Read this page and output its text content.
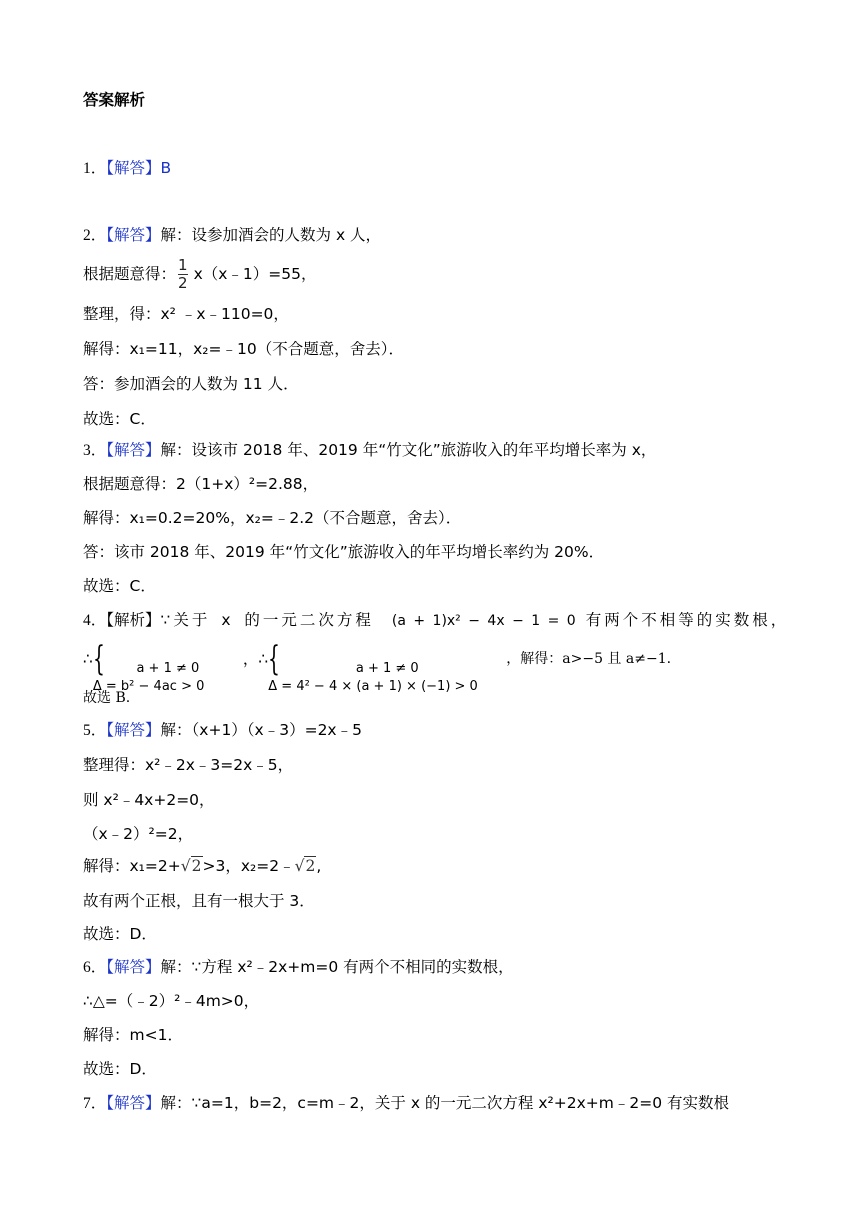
答案解析
1．【解答】B
2．【解答】解：设参加酒会的人数为 x 人，
根据题意得： $\frac{1}{2}$ x（x﹣1）=55，
整理，得：x² ﹣x﹣110=0，
解得：x₁=11，x₂=﹣10（不合题意，舍去）．
答：参加酒会的人数为 11 人．
故选：C．
3．【解答】解：设该市 2018 年、2019 年“竹文化”旅游收入的年平均增长率为 x，
根据题意得：2（1+x）²=2.88，
解得：x₁=0.2=20%，x₂=﹣2.2（不合题意，舍去）．
答：该市 2018 年、2019 年“竹文化”旅游收入的年平均增长率约为 20%．
故选：C．
4．【解析】∵关于 x 的一元二次方程 (a + 1)x² − 4x − 1 = 0 有两个不相等的实数根，
∴ {	a + 1 ≠ 0
Δ = b² − 4ac > 0
，∴ {	a + 1 ≠ 0
Δ = 4² − 4 × (a + 1) × (−1) > 0
，解得：a>−5 且 a≠−1.
故选 B.
5．【解答】解：（x+1）（x﹣3）=2x﹣5
整理得：x²﹣2x﹣3=2x﹣5，
则 x²﹣4x+2=0，
（x﹣2）²=2，
解得：x₁=2+√2>3，x₂=2﹣√2,
故有两个正根，且有一根大于 3．
故选：D．
6．【解答】解：∵方程 x²﹣2x+m=0 有两个不相同的实数根，
∴△=（﹣2）²﹣4m>0，
解得：m<1．
故选：D．
7．【解答】解：∵a=1，b=2，c=m﹣2，关于 x 的一元二次方程 x²+2x+m﹣2=0 有实数根
